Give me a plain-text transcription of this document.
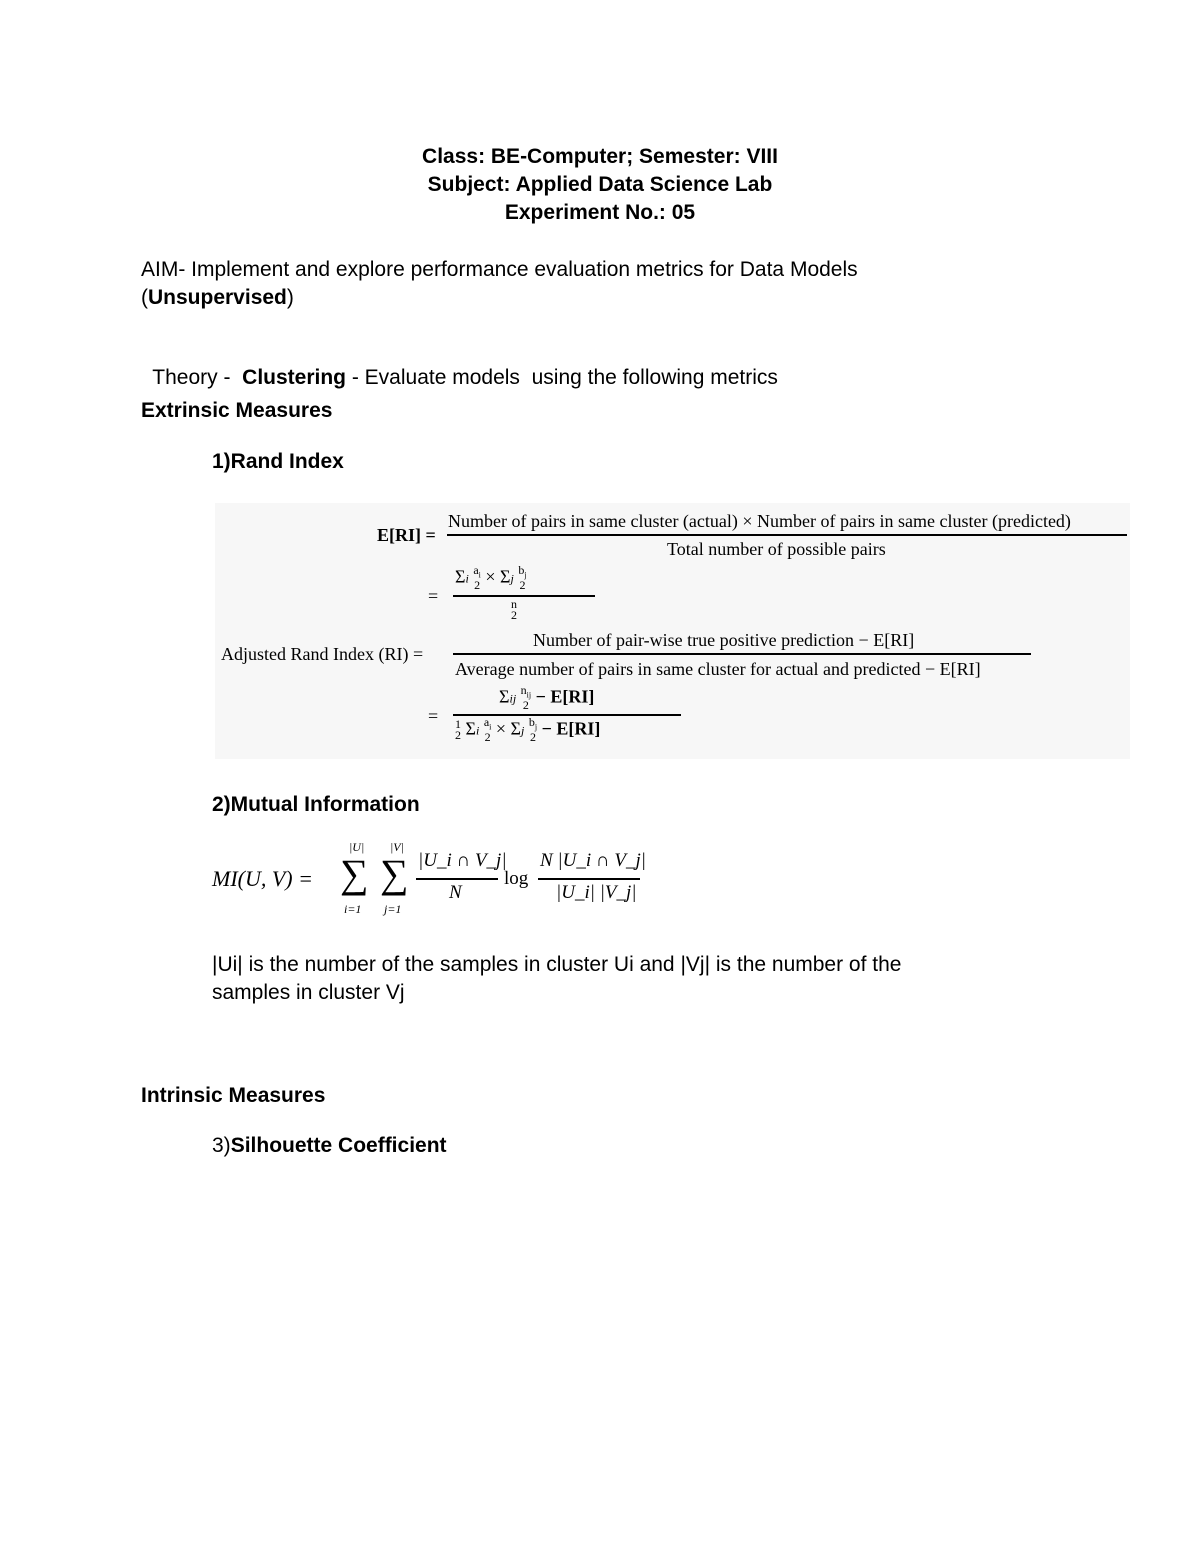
Class: BE-Computer; Semester: VIII
Subject: Applied Data Science Lab
Experiment No.: 05
AIM- Implement and explore performance evaluation metrics for Data Models
(Unsupervised)

Theory -  Clustering - Evaluate models  using the following metrics

Extrinsic Measures
1)Rand Index
E[RI] =
Number of pairs in same cluster (actual) × Number of pairs in same cluster (predicted)
Total number of possible pairs
=
Σi $a_i$
2 × Σj $b_j$
2
n
2
Adjusted Rand Index (RI) =
Number of pair-wise true positive prediction − E[RI]
Average number of pairs in same cluster for actual and predicted − E[RI]
=
Σij $n_{ij}$
2 − E[RI]
1
2 Σi $a_i$
2 × Σj $b_j$
2 − E[RI]
2)Mutual Information
MI(U, V) =
|U|
∑
i=1
|V|
∑
j=1
|U_i ∩ V_j|
N
log
N |U_i ∩ V_j|
|U_i| |V_j|
|Ui| is the number of the samples in cluster Ui and |Vj| is the number of the
samples in cluster Vj
Intrinsic Measures
3)Silhouette Coefficient
